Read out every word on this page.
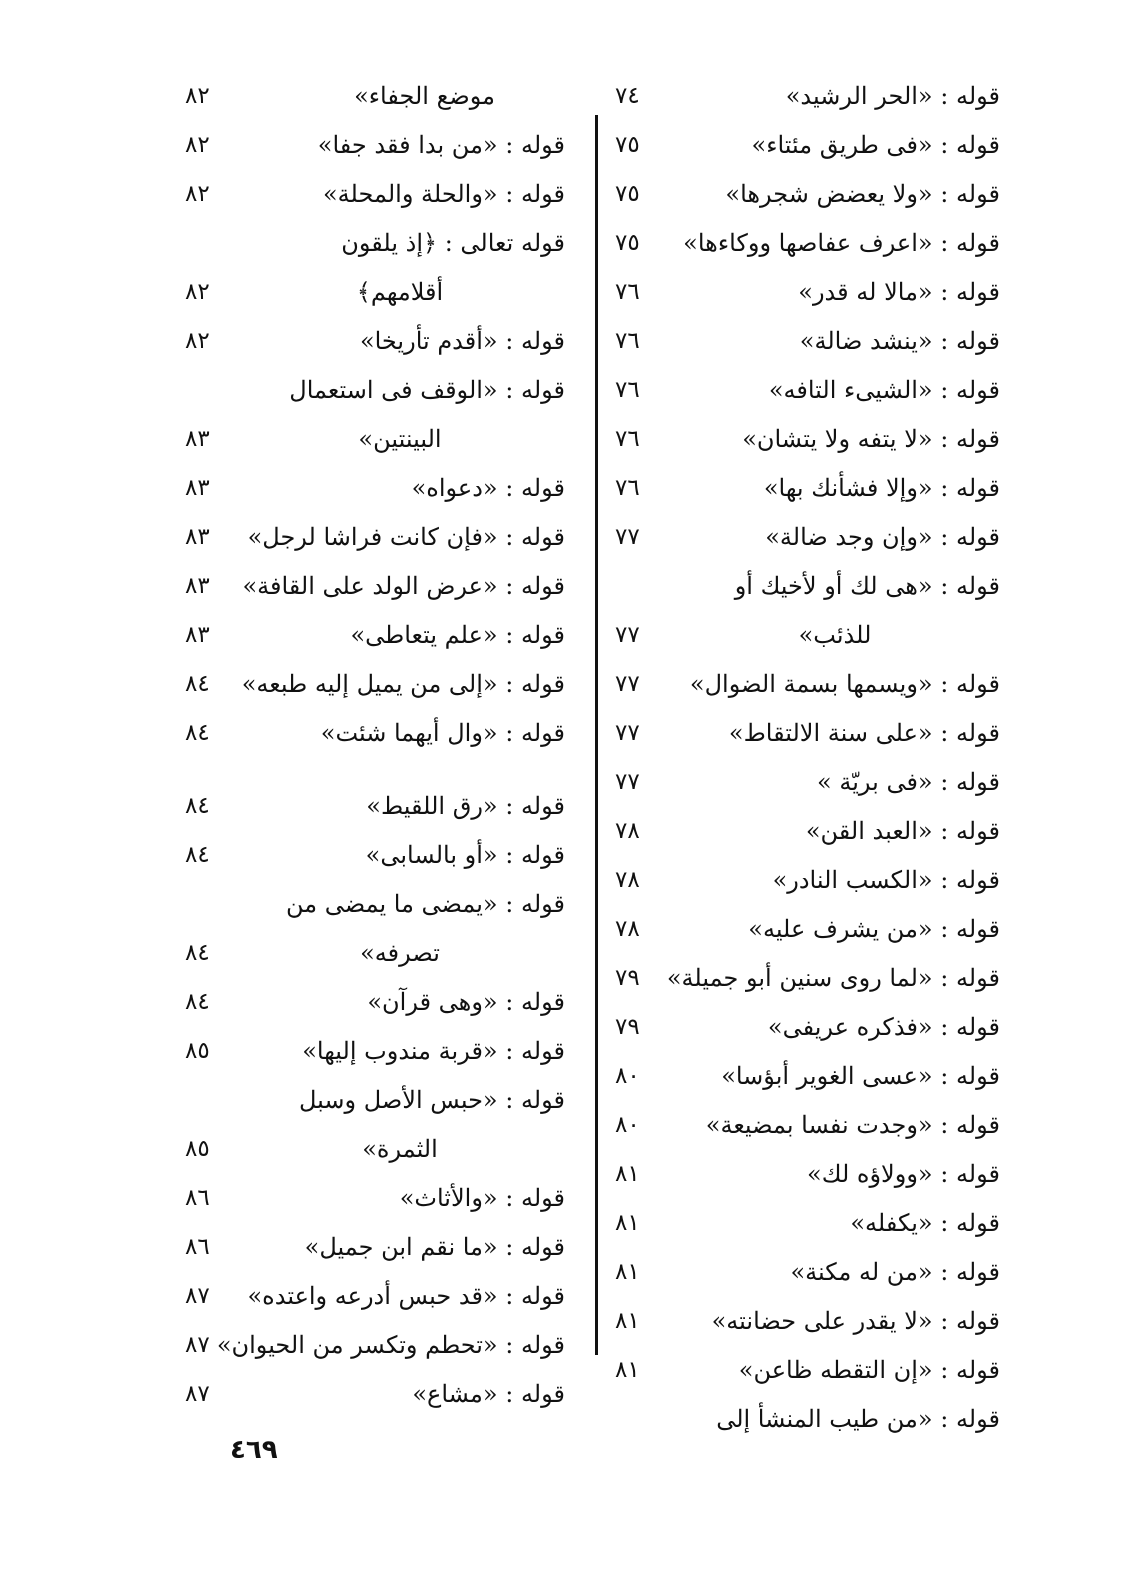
٧٤	قوله : «الحر الرشيد»
٧٥	قوله : «فى طريق مئتاء»
٧٥	قوله : «ولا يعضض شجرها»
٧٥	قوله : «اعرف عفاصها ووكاءها»
٧٦	قوله : «مالا له قدر»
٧٦	قوله : «ينشد ضالة»
٧٦	قوله : «الشيىء التافه»
٧٦	قوله : «لا يتفه ولا يتشان»
٧٦	قوله : «وإلا فشأنك بها»
٧٧	قوله : «وإن وجد ضالة»
٧٧
قوله : «هى لك أو لأخيك أو
للذئب»
٧٧	قوله : «ويسمها بسمة الضوال»
٧٧	قوله : «على سنة الالتقاط»
٧٧	قوله : «فى بريّة »
٧٨	قوله : «العبد القن»
٧٨	قوله : «الكسب النادر»
٧٨	قوله : «من يشرف عليه»
٧٩	قوله : «لما روى سنين أبو جميلة»
٧٩	قوله : «فذكره عريفى»
٨٠	قوله : «عسى الغوير أبؤسا»
٨٠	قوله : «وجدت نفسا بمضيعة»
٨١	قوله : «وولاؤه لك»
٨١	قوله : «يكفله»
٨١	قوله : «من له مكنة»
٨١	قوله : «لا يقدر على حضانته»
٨١	قوله : «إن التقطه ظاعن»
قوله : «من طيب المنشأ إلى
٨٢	موضع الجفاء»
٨٢	قوله : «من بدا فقد جفا»
٨٢	قوله : «والحلة والمحلة»
٨٢
قوله تعالى : ﴿إذ يلقون
أقلامهم﴾
٨٢	قوله : «أقدم تأريخا»
٨٣
قوله : «الوقف فى استعمال
البينتين»
٨٣	قوله : «دعواه»
٨٣	قوله : «فإن كانت فراشا لرجل»
٨٣	قوله : «عرض الولد على القافة»
٨٣	قوله : «علم يتعاطى»
٨٤	قوله : «إلى من يميل إليه طبعه»
٨٤	قوله : «وال أيهما شئت»
٨٤	قوله : «رق اللقيط»
٨٤	قوله : «أو بالسابى»
٨٤
قوله : «يمضى ما يمضى من
تصرفه»
٨٤	قوله : «وهى قرآن»
٨٥	قوله : «قربة مندوب إليها»
٨٥
قوله : «حبس الأصل وسبل
الثمرة»
٨٦	قوله : «والأثاث»
٨٦	قوله : «ما نقم ابن جميل»
٨٧	قوله : «قد حبس أدرعه واعتده»
٨٧ قوله : «تحطم وتكسر من الحيوان»
٨٧	قوله : «مشاع»
٤٦٩
